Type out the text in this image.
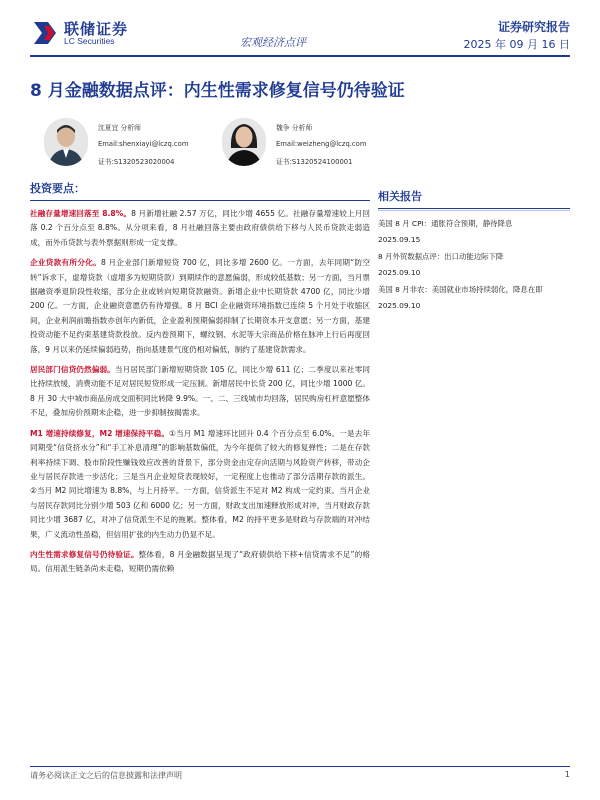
联储证券
LC Securities	宏观经济点评
证券研究报告
2025 年 09 月 16 日
8 月金融数据点评：内生性需求修复信号仍待验证
沈夏宜 分析师
Email:shenxiayi@lczq.com
证书:S1320523020004
魏争 分析师
Email:weizheng@lczq.com
证书:S1320524100001
投资要点：

社融存量增速回落至 8.8%。8 月新增社融 2.57 万亿，同比少增 4655 亿。社融存量增速较上月回落 0.2 个百分点至 8.8%。从分项来看，8 月社融回落主要由政府债供给下移与人民币贷款走弱造成，而外币贷款与表外票据则形成一定支撑。

企业贷款有所分化。8 月企业部门新增短贷 700 亿，同比多增 2600 亿。一方面，去年同期“防空转”诉求下，虚增贷款（虚增多为短期贷款）到期续作的意愿偏弱，形成较低基数；另一方面，当月票据融资季退阶段性收缩，部分企业或转向短期贷款融资。新增企业中长期贷款 4700 亿，同比少增 200 亿。一方面，企业融资意愿仍有待增强。8 月 BCI 企业融资环境指数已连续 5 个月处于收缩区间，企业利润前瞻指数亦创年内新低，企业盈利预期偏弱抑制了长期资本开支意愿；另一方面，基建投资动能不足约束基建贷款投放。反内卷预期下，螺纹钢、水泥等大宗商品价格在脉冲上行后再度回落，9 月以来仍延续偏弱趋势，指向基建景气度仍相对偏低，制约了基建贷款需求。

居民部门信贷仍然偏弱。当月居民部门新增短期贷款 105 亿，同比少增 611 亿；二季度以来社零同比持续放缓，消费动能不足对居民短贷形成一定压制。新增居民中长贷 200 亿，同比少增 1000 亿。8 月 30 大中城市商品房成交面积同比转降 9.9%。一、二、三线城市均回落，居民购房杠杆意愿整体不足，叠加房价预期未企稳，进一步抑制按揭需求。

M1 增速持续修复，M2 增速保持平稳。①当月 M1 增速环比回升 0.4 个百分点至 6.0%。一是去年同期受“信贷挤水分”和“手工补息清理”的影响基数偏低，为今年提供了较大的修复弹性；二是在存款利率持续下调、股市阶段性赚钱效应改善的背景下，部分资金由定存向活期与风险资产转移，带动企业与居民存款进一步活化；三是当月企业短贷表现较好，一定程度上也推动了部分活期存款的派生。②当月 M2 同比增速为 8.8%，与上月持平。一方面，信贷派生不足对 M2 构成一定约束。当月企业与居民存款同比分别少增 503 亿和 6000 亿；另一方面，财政支出加速释放形成对冲，当月财政存款同比少增 3687 亿，对冲了信贷派生不足的拖累。整体看，M2 的持平更多是财政与存款端的对冲结果，广义流动性虽稳，但信用扩张的内生动力仍显不足。

内生性需求修复信号仍待验证。整体看，8 月金融数据呈现了“政府债供给下移+信贷需求不足”的格局。信用派生链条尚未走稳，短期仍需依赖

相关报告
美国 8 月 CPI：通胀符合预期，静待降息
2025.09.15
8 月外贸数据点评：出口动能边际下降
2025.09.10
美国 8 月非农：美国就业市场持续弱化，降息在即
2025.09.10
请务必阅读正文之后的信息披露和法律声明	1
